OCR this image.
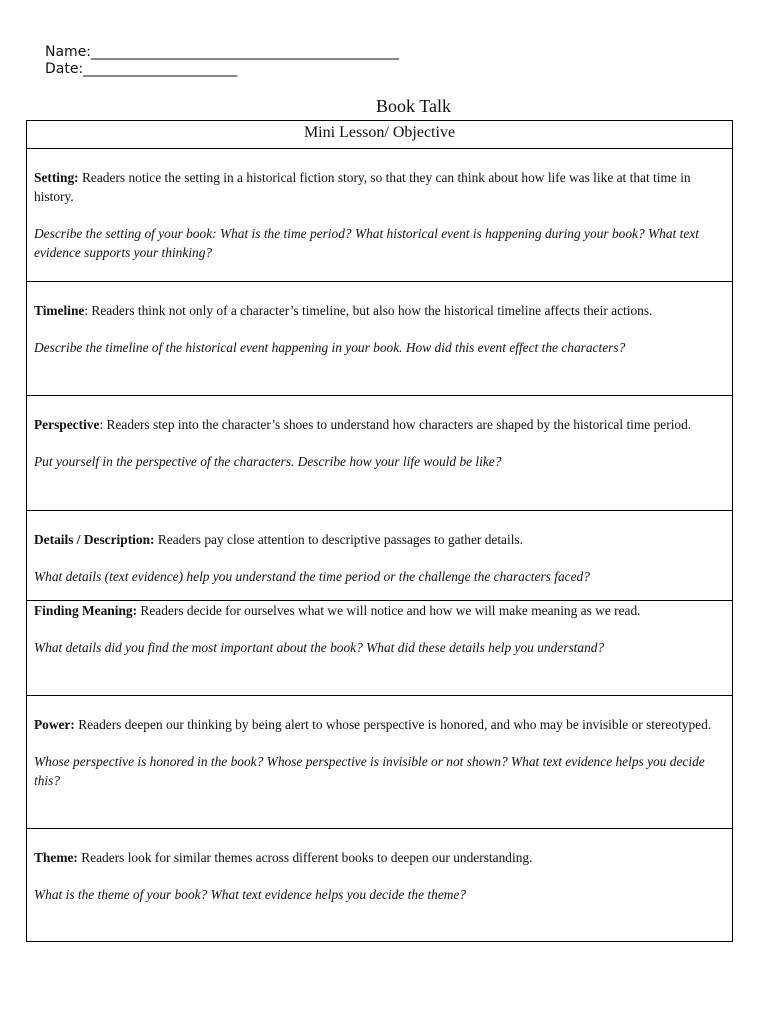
Name:____________________________________________
Date:______________________
Book Talk
Mini Lesson/ Objective

Setting: Readers notice the setting in a historical fiction story, so that they can think about how life was like at that time in history.

Describe the setting of your book: What is the time period? What historical event is happening during your book? What text evidence supports your thinking?

Timeline: Readers think not only of a character’s timeline, but also how the historical timeline affects their actions.

Describe the timeline of the historical event happening in your book. How did this event effect the characters?

Perspective: Readers step into the character’s shoes to understand how characters are shaped by the historical time period.

Put yourself in the perspective of the characters. Describe how your life would be like?

Details / Description: Readers pay close attention to descriptive passages to gather details.

What details (text evidence) help you understand the time period or the challenge the characters faced?

Finding Meaning: Readers decide for ourselves what we will notice and how we will make meaning as we read.

What details did you find the most important about the book? What did these details help you understand?

Power: Readers deepen our thinking by being alert to whose perspective is honored, and who may be invisible or stereotyped.

Whose perspective is honored in the book? Whose perspective is invisible or not shown? What text evidence helps you decide this?

Theme: Readers look for similar themes across different books to deepen our understanding.

What is the theme of your book? What text evidence helps you decide the theme?
